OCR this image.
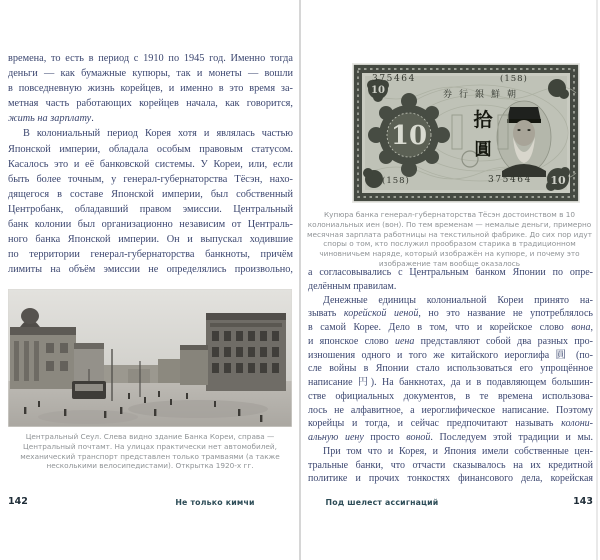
времена, то есть в период с 1910 по 1945 год. Именно тогда
деньги — как бумажные купюры, так и монеты — вошли
в повседневную жизнь корейцев, и именно в это время за-
метная часть работающих корейцев начала, как говорится,
жить на зарплату.
В колониальный период Корея хотя и являлась частью
Японской империи, обладала особым правовым статусом.
Касалось это и её банковской системы. У Кореи, или, если
быть более точным, у генерал-губернаторства Тёсэн, нахо-
дящегося в составе Японской империи, был собственный
Центробанк, обладавший правом эмиссии. Центральный
банк колонии был организационно независим от Централь-
ного банка Японской империи. Он и выпускал ходившие
по территории генерал-губернаторства банкноты, причём
лимиты на объём эмиссии не определялись произвольно,
Центральный Сеул. Слева видно здание Банка Кореи, справа — Центральный почтамт. На улицах практически нет автомобилей, механический транспорт представлен только трамваями (а также несколькими велосипедистами). Открытка 1920-х гг.
142	Не только кимчи
10
10
10
375464	(158)
券行銀鮮朝
拾
圓
(158)	375464
Купюра банка генерал-губернаторства Тёсэн достоинством в 10 колониальных иен (вон). По тем временам — немалые деньги, примерно месячная зарплата работницы на текстильной фабрике. До сих пор идут споры о том, кто послужил прообразом старика в традиционном чиновничьем наряде, который изображён на купюре, и почему это изображение там вообще оказалось
а согласовывались с Центральным банком Японии по опре-
делённым правилам.
Денежные единицы колониальной Кореи принято на-
зывать корейской иеной, но это название не употреблялось
в самой Корее. Дело в том, что и корейское слово вона,
и японское слово иена представляют собой два разных про-
изношения одного и того же китайского иероглифа 圓 (по-
сле войны в Японии стало использоваться его упрощённое
написание 円). На банкнотах, да и в подавляющем большин-
стве официальных документов, в те времена использова-
лось не алфавитное, а иероглифическое написание. Поэтому
корейцы и тогда, и сейчас предпочитают называть колони-
альную иену просто воной. Последуем этой традиции и мы.
При том что и Корея, и Япония имели собственные цен-
тральные банки, что отчасти сказывалось на их кредитной
политике и прочих тонкостях финансового дела, корейская
Под шелест ассигнаций	143
